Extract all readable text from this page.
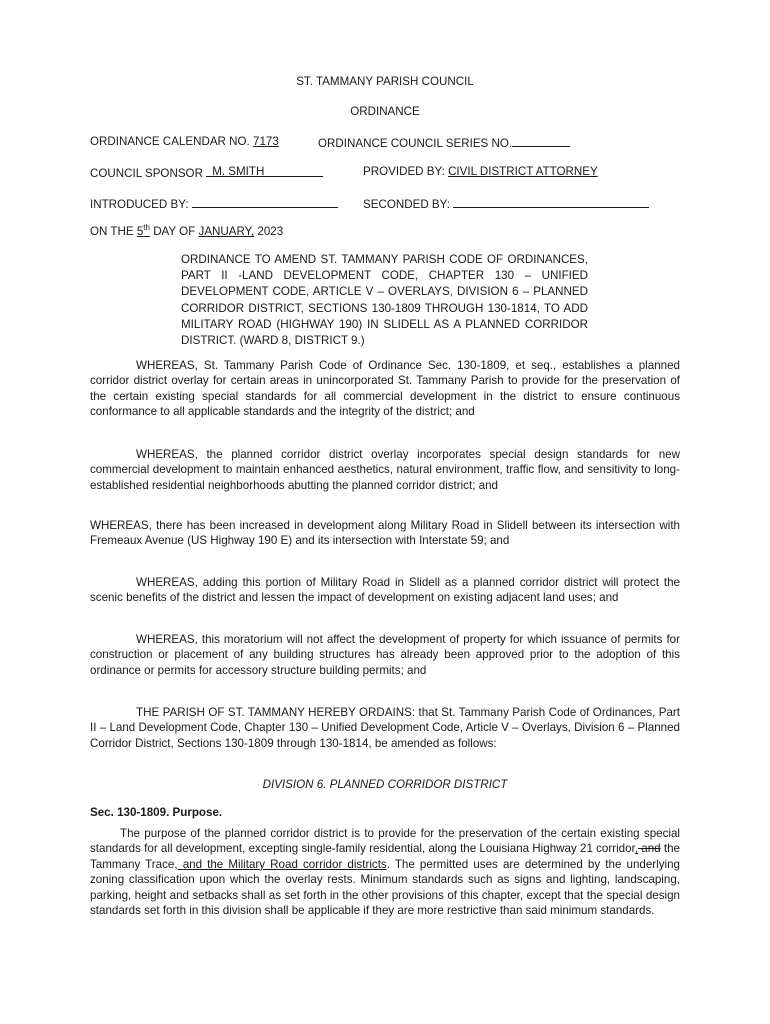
ST. TAMMANY PARISH COUNCIL
ORDINANCE
ORDINANCE CALENDAR NO. 7173	ORDINANCE COUNCIL SERIES NO.
COUNCIL SPONSOR M. SMITH	PROVIDED BY: CIVIL DISTRICT ATTORNEY
INTRODUCED BY:	SECONDED BY:
ON THE 5th DAY OF JANUARY, 2023
ORDINANCE TO AMEND ST. TAMMANY PARISH CODE OF ORDINANCES, PART II -LAND DEVELOPMENT CODE, CHAPTER 130 – UNIFIED DEVELOPMENT CODE, ARTICLE V – OVERLAYS, DIVISION 6 – PLANNED CORRIDOR DISTRICT, SECTIONS 130-1809 THROUGH 130-1814, TO ADD MILITARY ROAD (HIGHWAY 190) IN SLIDELL AS A PLANNED CORRIDOR DISTRICT. (WARD 8, DISTRICT 9.)
WHEREAS, St. Tammany Parish Code of Ordinance Sec. 130-1809, et seq., establishes a planned corridor district overlay for certain areas in unincorporated St. Tammany Parish to provide for the preservation of the certain existing special standards for all commercial development in the district to ensure continuous conformance to all applicable standards and the integrity of the district; and
WHEREAS, the planned corridor district overlay incorporates special design standards for new commercial development to maintain enhanced aesthetics, natural environment, traffic flow, and sensitivity to long-established residential neighborhoods abutting the planned corridor district; and
WHEREAS, there has been increased in development along Military Road in Slidell between its intersection with Fremeaux Avenue (US Highway 190 E) and its intersection with Interstate 59; and
WHEREAS, adding this portion of Military Road in Slidell as a planned corridor district will protect the scenic benefits of the district and lessen the impact of development on existing adjacent land uses; and
WHEREAS, this moratorium will not affect the development of property for which issuance of permits for construction or placement of any building structures has already been approved prior to the adoption of this ordinance or permits for accessory structure building permits; and
THE PARISH OF ST. TAMMANY HEREBY ORDAINS: that St. Tammany Parish Code of Ordinances, Part II – Land Development Code, Chapter 130 – Unified Development Code, Article V – Overlays, Division 6 – Planned Corridor District, Sections 130-1809 through 130-1814, be amended as follows:
DIVISION 6. PLANNED CORRIDOR DISTRICT
Sec. 130-1809. Purpose.
The purpose of the planned corridor district is to provide for the preservation of the certain existing special standards for all development, excepting single-family residential, along the Louisiana Highway 21 corridor, and the Tammany Trace, and the Military Road corridor districts. The permitted uses are determined by the underlying zoning classification upon which the overlay rests. Minimum standards such as signs and lighting, landscaping, parking, height and setbacks shall as set forth in the other provisions of this chapter, except that the special design standards set forth in this division shall be applicable if they are more restrictive than said minimum standards.
